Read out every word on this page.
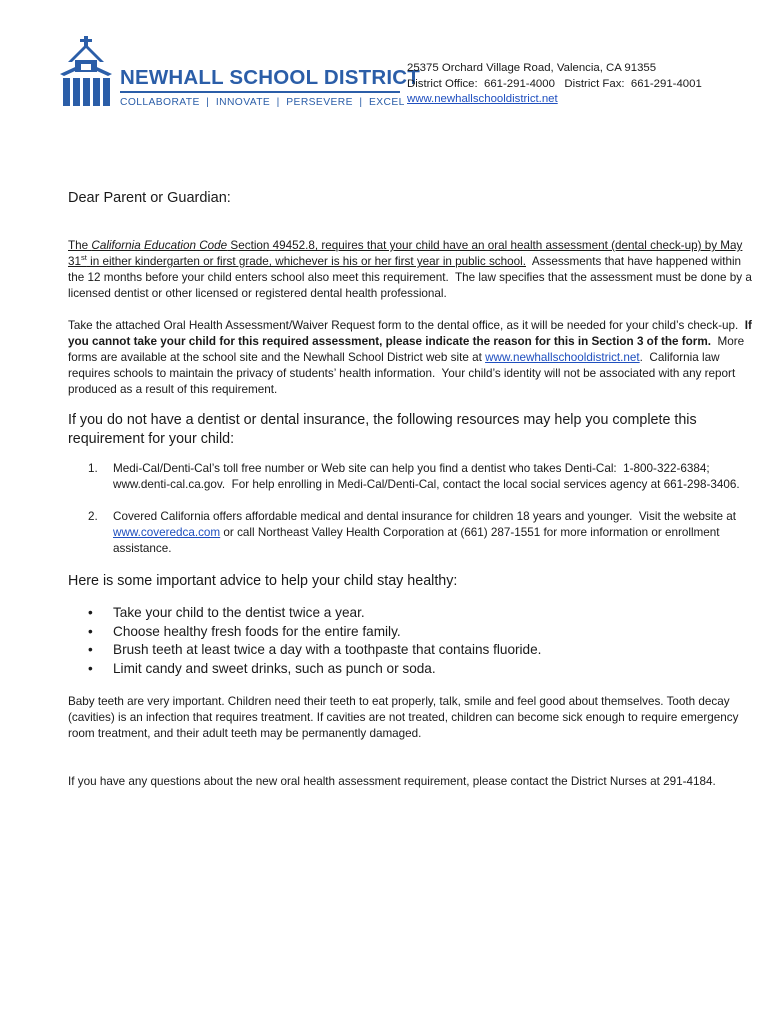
NEWHALL SCHOOL DISTRICT
COLLABORATE  |  INNOVATE  |  PERSEVERE  |  EXCEL
25375 Orchard Village Road, Valencia, CA 91355
District Office:  661-291-4000   District Fax:  661-291-4001
www.newhallschooldistrict.net
Dear Parent or Guardian:

The California Education Code Section 49452.8, requires that your child have an oral health assessment (dental check-up) by May 31st in either kindergarten or first grade, whichever is his or her first year in public school.  Assessments that have happened within the 12 months before your child enters school also meet this requirement.  The law specifies that the assessment must be done by a licensed dentist or other licensed or registered dental health professional.

Take the attached Oral Health Assessment/Waiver Request form to the dental office, as it will be needed for your child’s check-up.  If you cannot take your child for this required assessment, please indicate the reason for this in Section 3 of the form.  More forms are available at the school site and the Newhall School District web site at www.newhallschooldistrict.net.  California law requires schools to maintain the privacy of students’ health information.  Your child’s identity will not be associated with any report produced as a result of this requirement.

If you do not have a dentist or dental insurance, the following resources may help you complete this requirement for your child:
1. Medi-Cal/Denti-Cal’s toll free number or Web site can help you find a dentist who takes Denti-Cal:  1-800-322-6384; www.denti-cal.ca.gov.  For help enrolling in Medi-Cal/Denti-Cal, contact the local social services agency at 661-298-3406.
2. Covered California offers affordable medical and dental insurance for children 18 years and younger.  Visit the website at www.coveredca.com or call Northeast Valley Health Corporation at (661) 287-1551 for more information or enrollment assistance.
Here is some important advice to help your child stay healthy:
• Take your child to the dentist twice a year.
• Choose healthy fresh foods for the entire family.
• Brush teeth at least twice a day with a toothpaste that contains fluoride.
• Limit candy and sweet drinks, such as punch or soda.
Baby teeth are very important. Children need their teeth to eat properly, talk, smile and feel good about themselves. Tooth decay (cavities) is an infection that requires treatment. If cavities are not treated, children can become sick enough to require emergency room treatment, and their adult teeth may be permanently damaged.
If you have any questions about the new oral health assessment requirement, please contact the District Nurses at 291-4184.
